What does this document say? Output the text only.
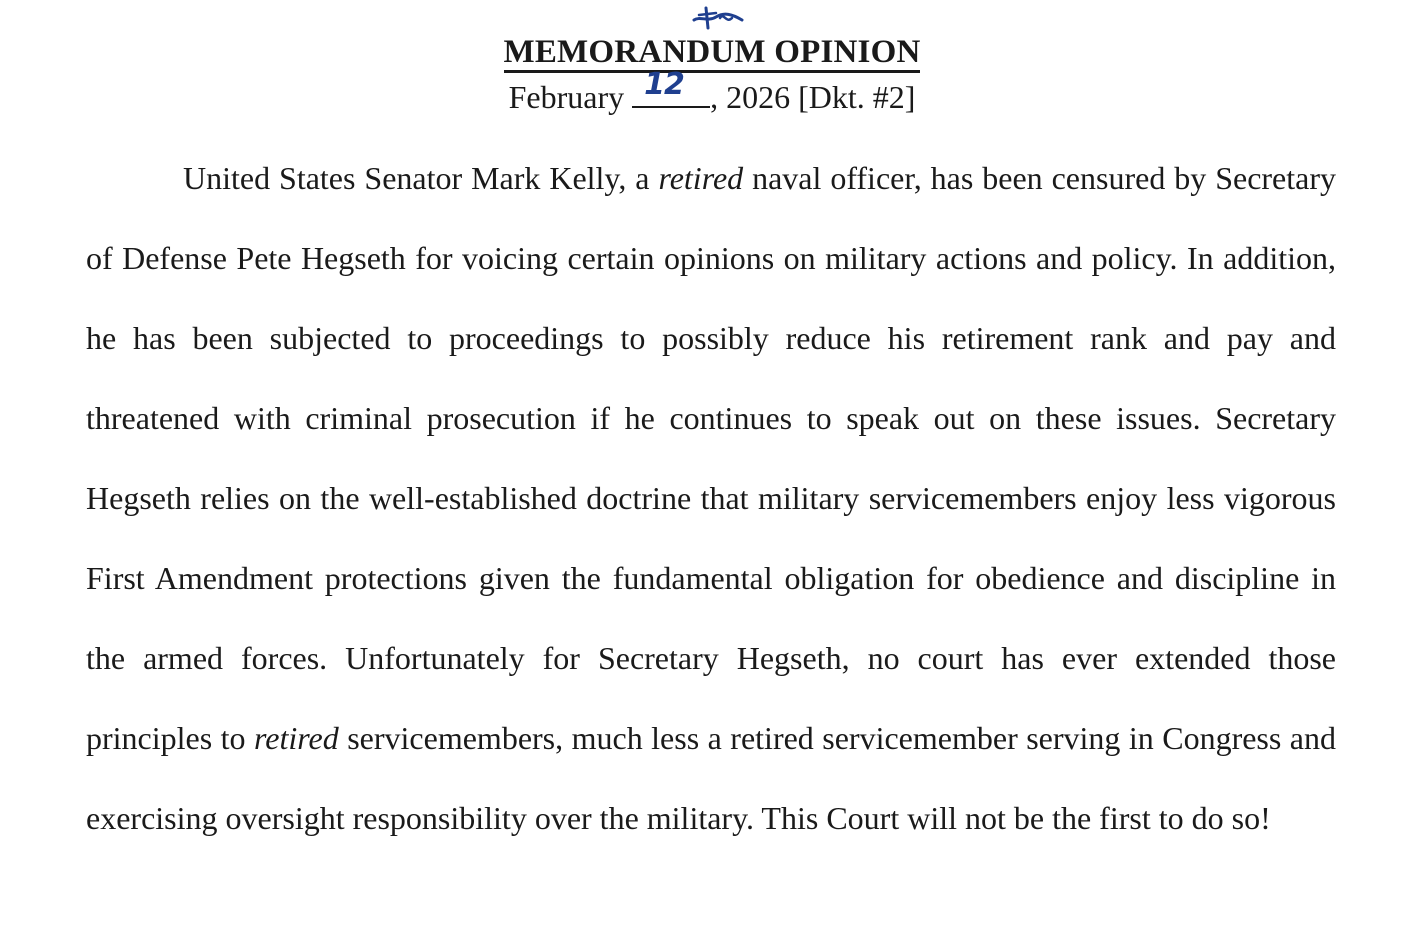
MEMORANDUM OPINION
February 12 , 2026 [Dkt. #2]

United States Senator Mark Kelly, a retired naval officer, has been censured by Secretary of Defense Pete Hegseth for voicing certain opinions on military actions and policy. In addition, he has been subjected to proceedings to possibly reduce his retirement rank and pay and threatened with criminal prosecution if he continues to speak out on these issues. Secretary Hegseth relies on the well-established doctrine that military servicemembers enjoy less vigorous First Amendment protections given the fundamental obligation for obedience and discipline in the armed forces. Unfortunately for Secretary Hegseth, no court has ever extended those principles to retired servicemembers, much less a retired servicemember serving in Congress and exercising oversight responsibility over the military. This Court will not be the first to do so!
